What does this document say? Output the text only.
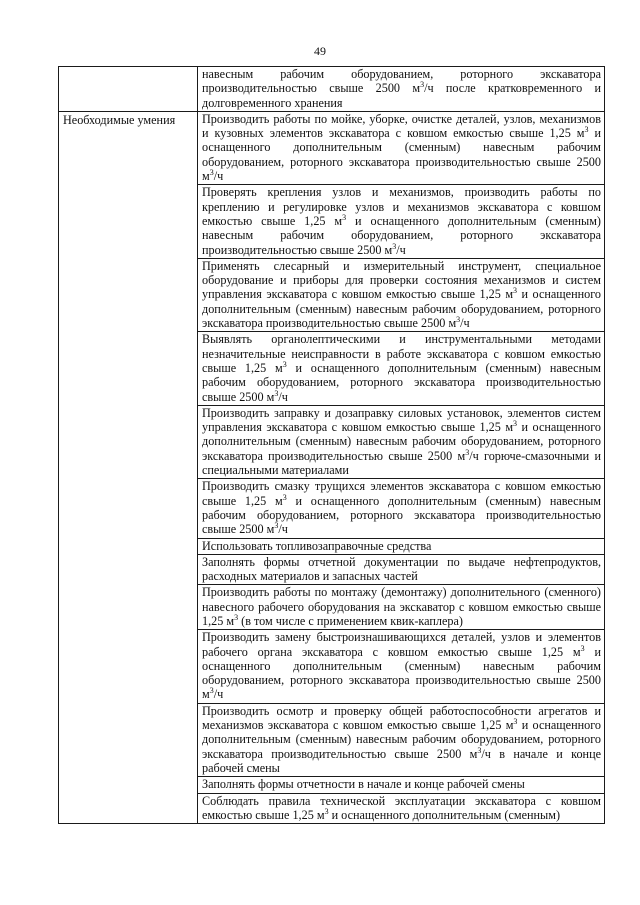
49

	навесным рабочим оборудованием, роторного экскаватора производительностью свыше 2500 $м^3/ч$ после кратковременного и долговременного хранения

Необходимые умения	Производить работы по мойке, уборке, очистке деталей, узлов, механизмов и кузовных элементов экскаватора с ковшом емкостью свыше 1,25 $м^3$ и оснащенного дополнительным (сменным) навесным рабочим оборудованием, роторного экскаватора производительностью свыше 2500 $м^3/ч$

	Проверять крепления узлов и механизмов, производить работы по креплению и регулировке узлов и механизмов экскаватора с ковшом емкостью свыше 1,25 $м^3$ и оснащенного дополнительным (сменным) навесным рабочим оборудованием, роторного экскаватора производительностью свыше 2500 $м^3/ч$

	Применять слесарный и измерительный инструмент, специальное оборудование и приборы для проверки состояния механизмов и систем управления экскаватора с ковшом емкостью свыше 1,25 $м^3$ и оснащенного дополнительным (сменным) навесным рабочим оборудованием, роторного экскаватора производительностью свыше 2500 $м^3/ч$

	Выявлять органолептическими и инструментальными методами незначительные неисправности в работе экскаватора с ковшом емкостью свыше 1,25 $м^3$ и оснащенного дополнительным (сменным) навесным рабочим оборудованием, роторного экскаватора производительностью свыше 2500 $м^3/ч$

	Производить заправку и дозаправку силовых установок, элементов систем управления экскаватора с ковшом емкостью свыше 1,25 $м^3$ и оснащенного дополнительным (сменным) навесным рабочим оборудованием, роторного экскаватора производительностью свыше 2500 $м^3/ч$ горюче-смазочными и специальными материалами

	Производить смазку трущихся элементов экскаватора с ковшом емкостью свыше 1,25 $м^3$ и оснащенного дополнительным (сменным) навесным рабочим оборудованием, роторного экскаватора производительностью свыше 2500 $м^3/ч$

	Использовать топливозаправочные средства

	Заполнять формы отчетной документации по выдаче нефтепродуктов, расходных материалов и запасных частей

	Производить работы по монтажу (демонтажу) дополнительного (сменного) навесного рабочего оборудования на экскаватор с ковшом емкостью свыше 1,25 $м^3$ (в том числе с применением квик-каплера)

	Производить замену быстроизнашивающихся деталей, узлов и элементов рабочего органа экскаватора с ковшом емкостью свыше 1,25 $м^3$ и оснащенного дополнительным (сменным) навесным рабочим оборудованием, роторного экскаватора производительностью свыше 2500 $м^3/ч$

	Производить осмотр и проверку общей работоспособности агрегатов и механизмов экскаватора с ковшом емкостью свыше 1,25 $м^3$ и оснащенного дополнительным (сменным) навесным рабочим оборудованием, роторного экскаватора производительностью свыше 2500 $м^3/ч$ в начале и конце рабочей смены

	Заполнять формы отчетности в начале и конце рабочей смены

	Соблюдать правила технической эксплуатации экскаватора с ковшом емкостью свыше 1,25 $м^3$ и оснащенного дополнительным (сменным)
